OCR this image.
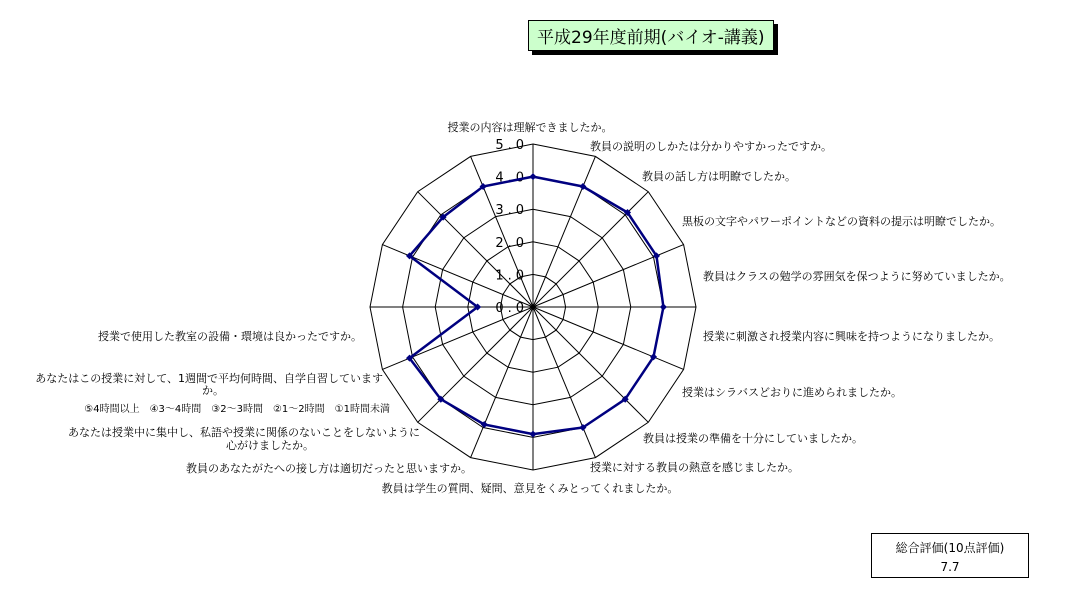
平成29年度前期(バイオ-講義)
0.0
1.0
2.0
3.0
4.0
5.0
授業の内容は理解できましたか。
教員の説明のしかたは分かりやすかったですか。
教員の話し方は明瞭でしたか。
黒板の文字やパワーポイントなどの資料の提示は明瞭でしたか。
教員はクラスの勉学の雰囲気を保つように努めていましたか。
授業に刺激され授業内容に興味を持つようになりましたか。
授業はシラバスどおりに進められましたか。
教員は授業の準備を十分にしていましたか。
授業に対する教員の熱意を感じましたか。
教員は学生の質問、疑問、意見をくみとってくれましたか。
教員のあなたがたへの接し方は適切だったと思いますか。
あなたは授業中に集中し、私語や授業に関係のないことをしないように心がけましたか。
あなたはこの授業に対して、1週間で平均何時間、自学自習していますか。
授業で使用した教室の設備・環境は良かったですか。
⑤4時間以上　④3〜4時間　③2〜3時間　②1〜2時間　①1時間未満
総合評価(10点評価)
7.7
